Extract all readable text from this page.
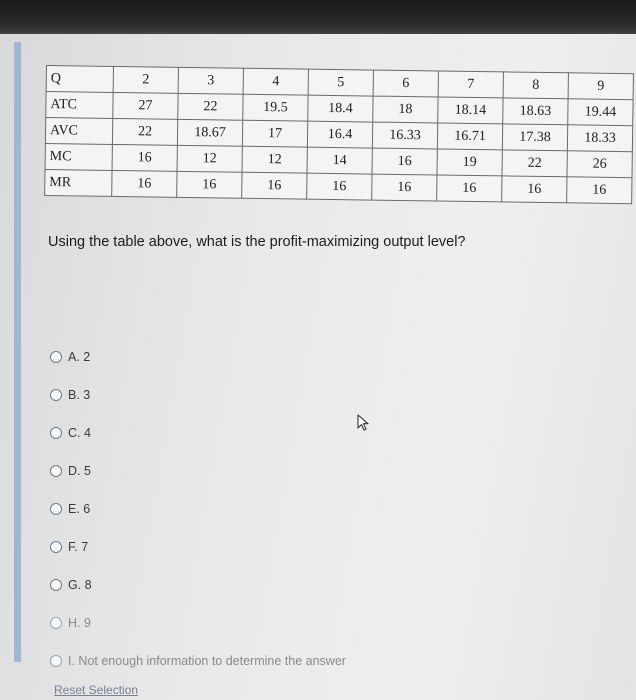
Q	2	3	4	5	6	7	8	9
ATC	27	22	19.5	18.4	18	18.14	18.63	19.44
AVC	22	18.67	17	16.4	16.33	16.71	17.38	18.33
MC	16	12	12	14	16	19	22	26
MR	16	16	16	16	16	16	16	16
Using the table above, what is the profit-maximizing output level?
A. 2
B. 3
C. 4
D. 5
E. 6
F. 7
G. 8
H. 9
I. Not enough information to determine the answer
Reset Selection
